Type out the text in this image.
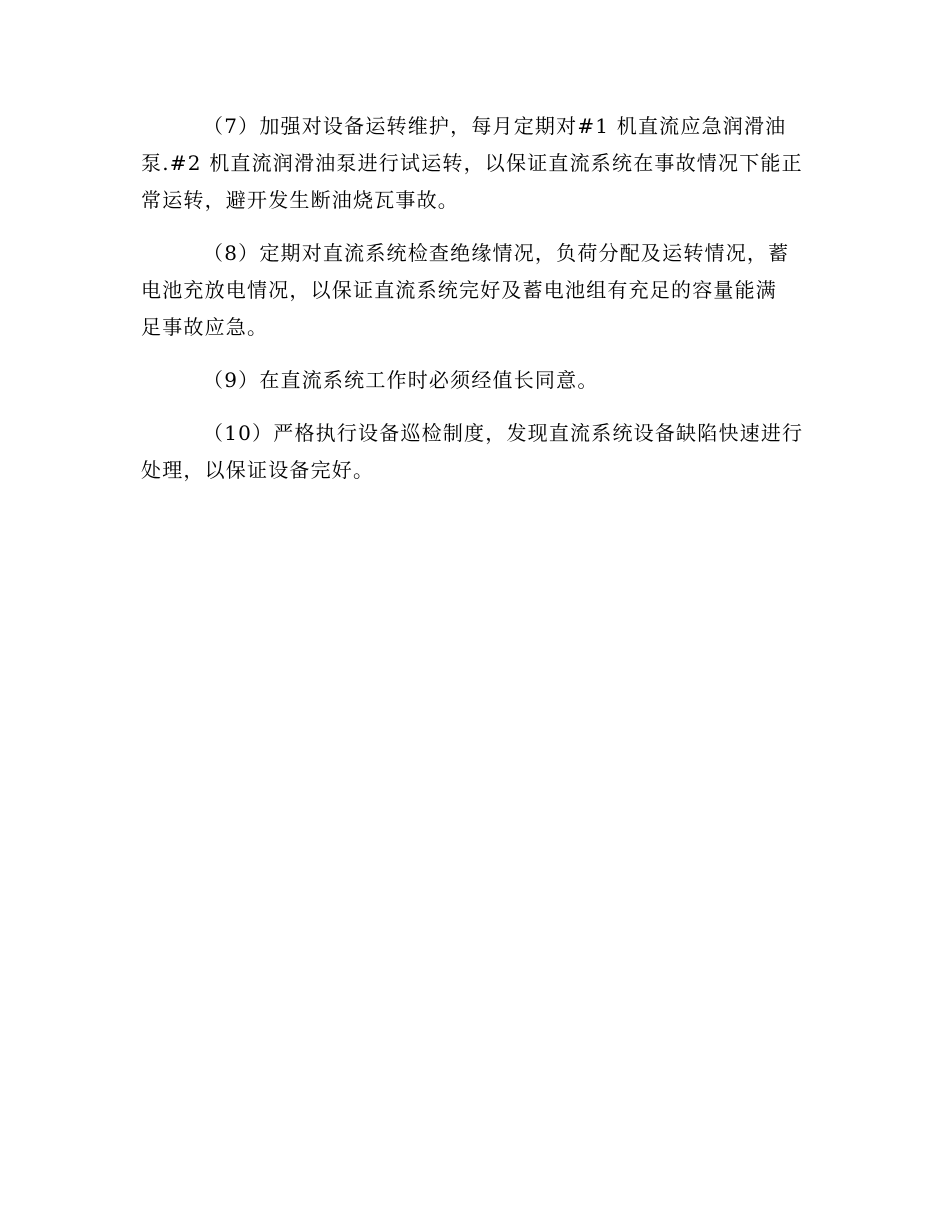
（7）加强对设备运转维护，每月定期对#1 机直流应急润滑油
泵.#2 机直流润滑油泵进行试运转，以保证直流系统在事故情况下能正
常运转，避开发生断油烧瓦事故。

（8）定期对直流系统检查绝缘情况，负荷分配及运转情况，蓄
电池充放电情况，以保证直流系统完好及蓄电池组有充足的容量能满
足事故应急。

（9）在直流系统工作时必须经值长同意。

（10）严格执行设备巡检制度，发现直流系统设备缺陷快速进行
处理，以保证设备完好。
